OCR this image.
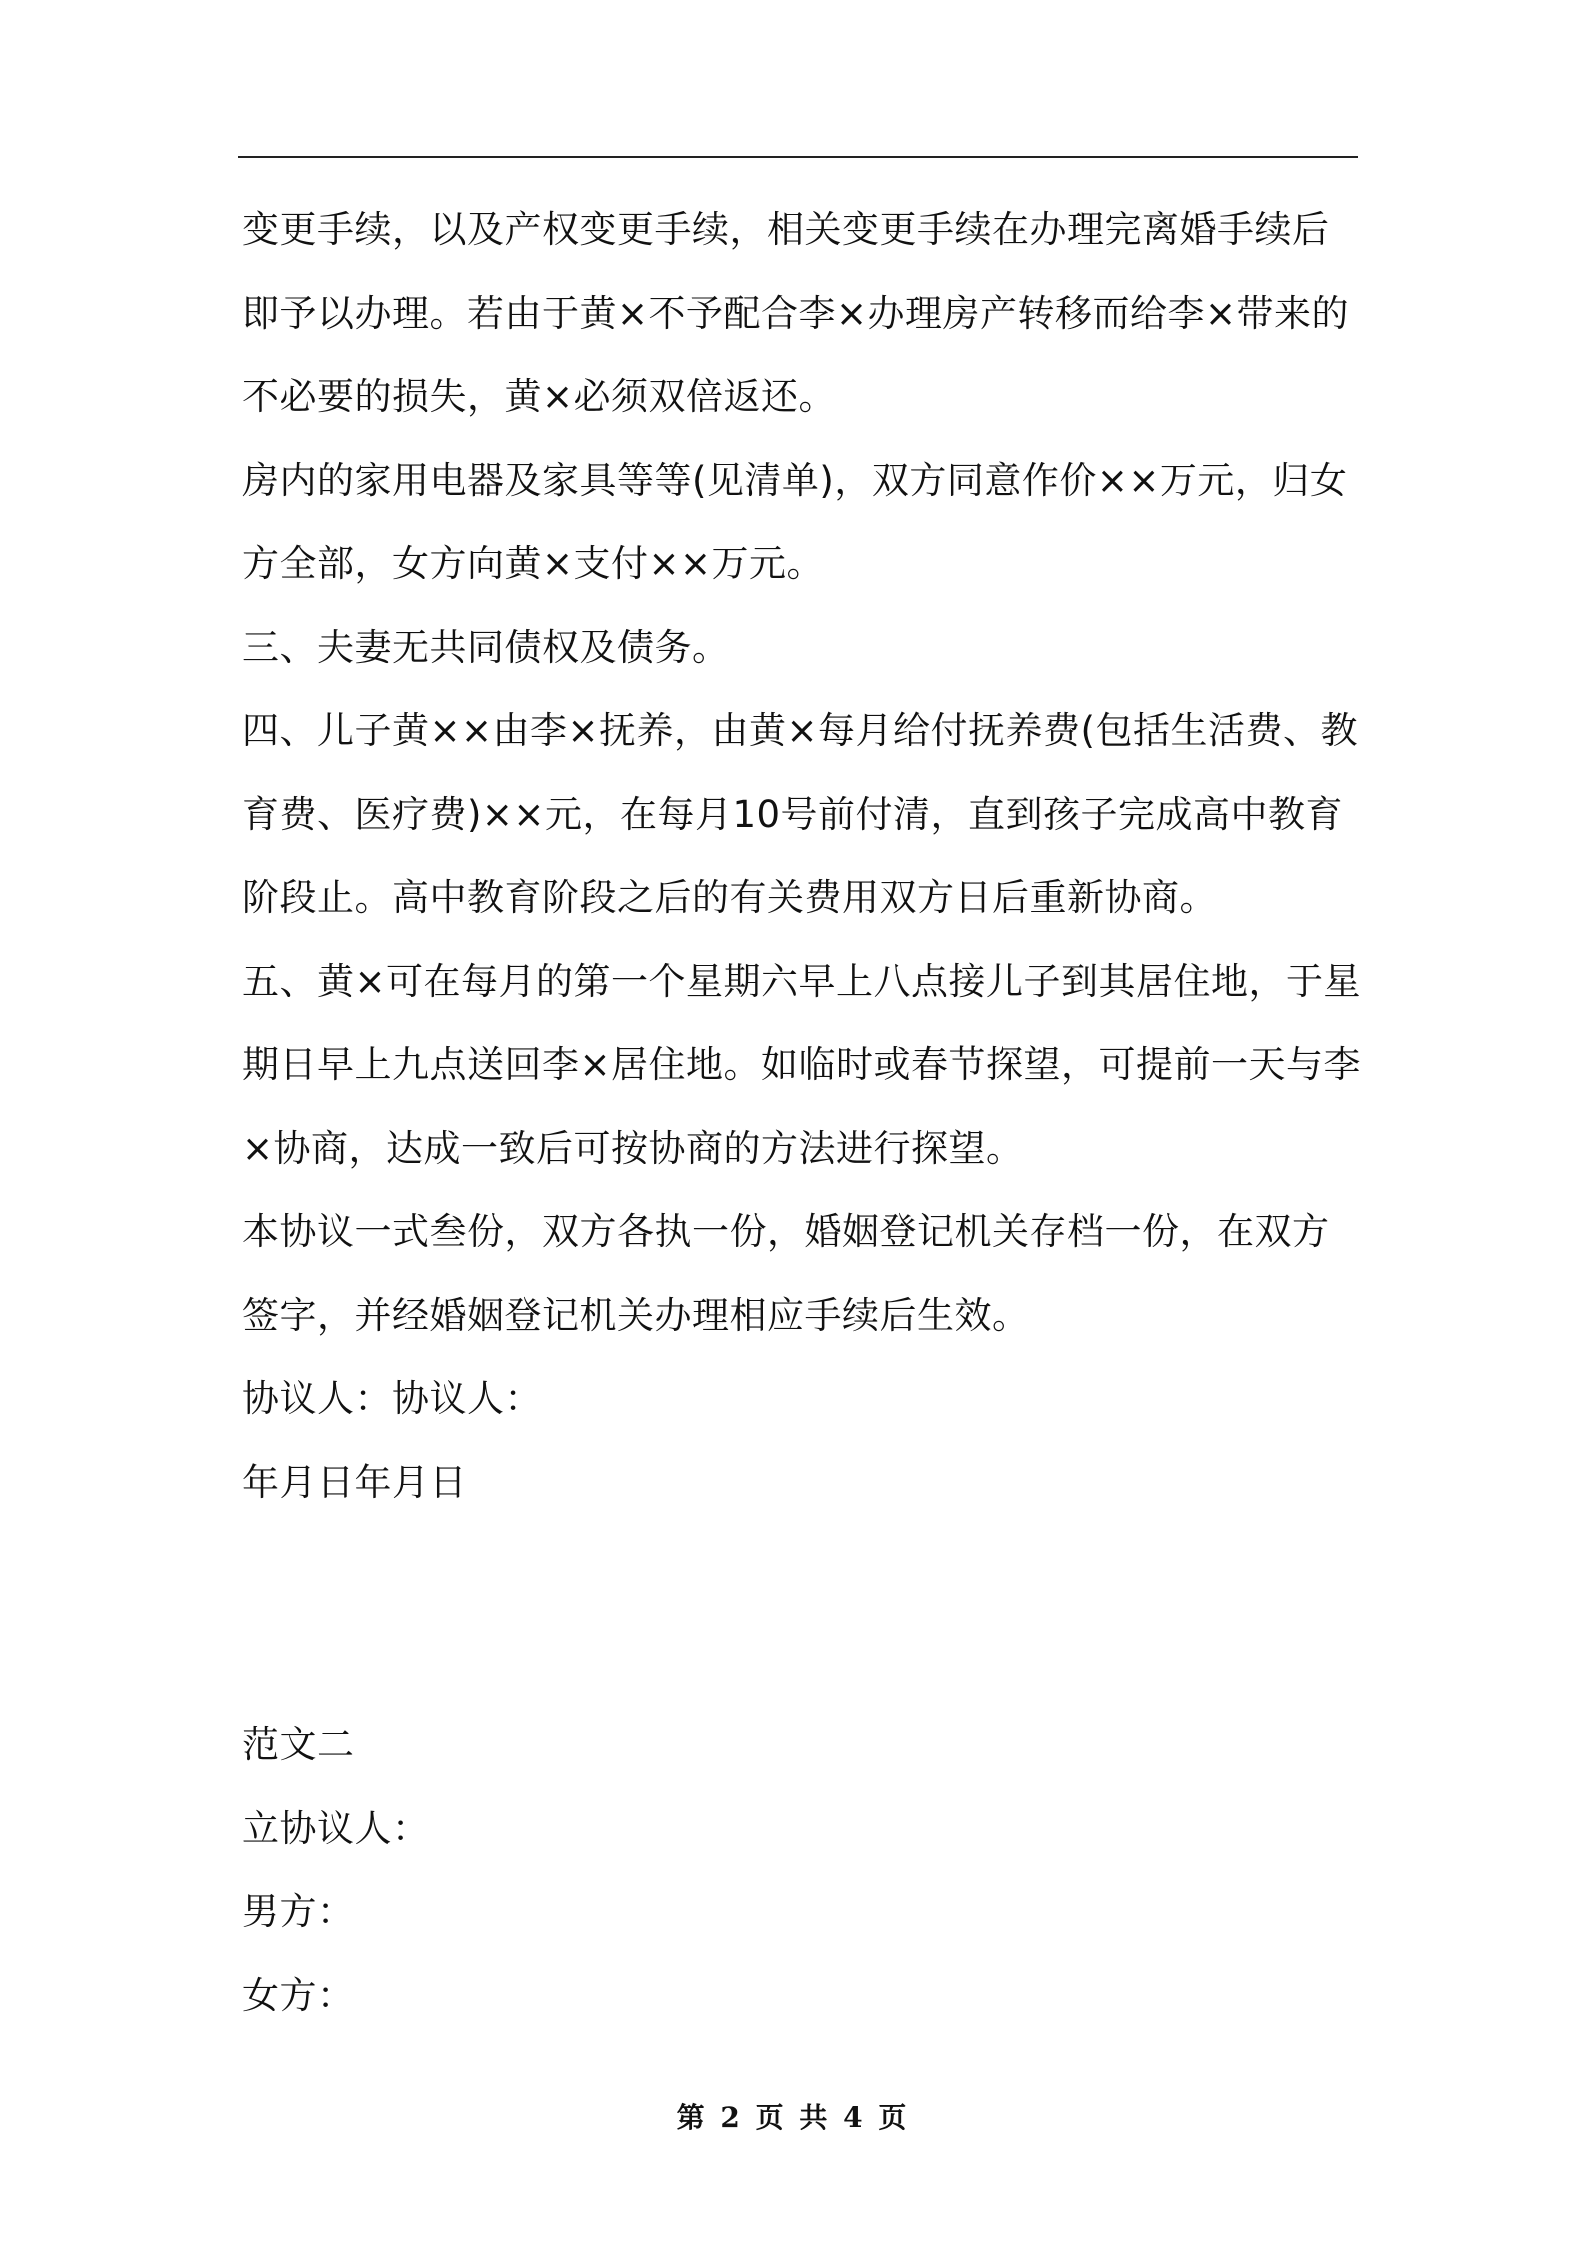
变更手续，以及产权变更手续，相关变更手续在办理完离婚手续后即予以办理。若由于黄×不予配合李×办理房产转移而给李×带来的不必要的损失，黄×必须双倍返还。

房内的家用电器及家具等等(见清单)，双方同意作价××万元，归女方全部，女方向黄×支付××万元。

三、夫妻无共同债权及债务。

四、儿子黄××由李×抚养，由黄×每月给付抚养费(包括生活费、教育费、医疗费)××元，在每月10号前付清，直到孩子完成高中教育阶段止。高中教育阶段之后的有关费用双方日后重新协商。

五、黄×可在每月的第一个星期六早上八点接儿子到其居住地，于星期日早上九点送回李×居住地。如临时或春节探望，可提前一天与李×协商，达成一致后可按协商的方法进行探望。

本协议一式叁份，双方各执一份，婚姻登记机关存档一份，在双方签字，并经婚姻登记机关办理相应手续后生效。

协议人：协议人：

年月日年月日

范文二

立协议人：

男方：

女方：

第 2 页 共 4 页
